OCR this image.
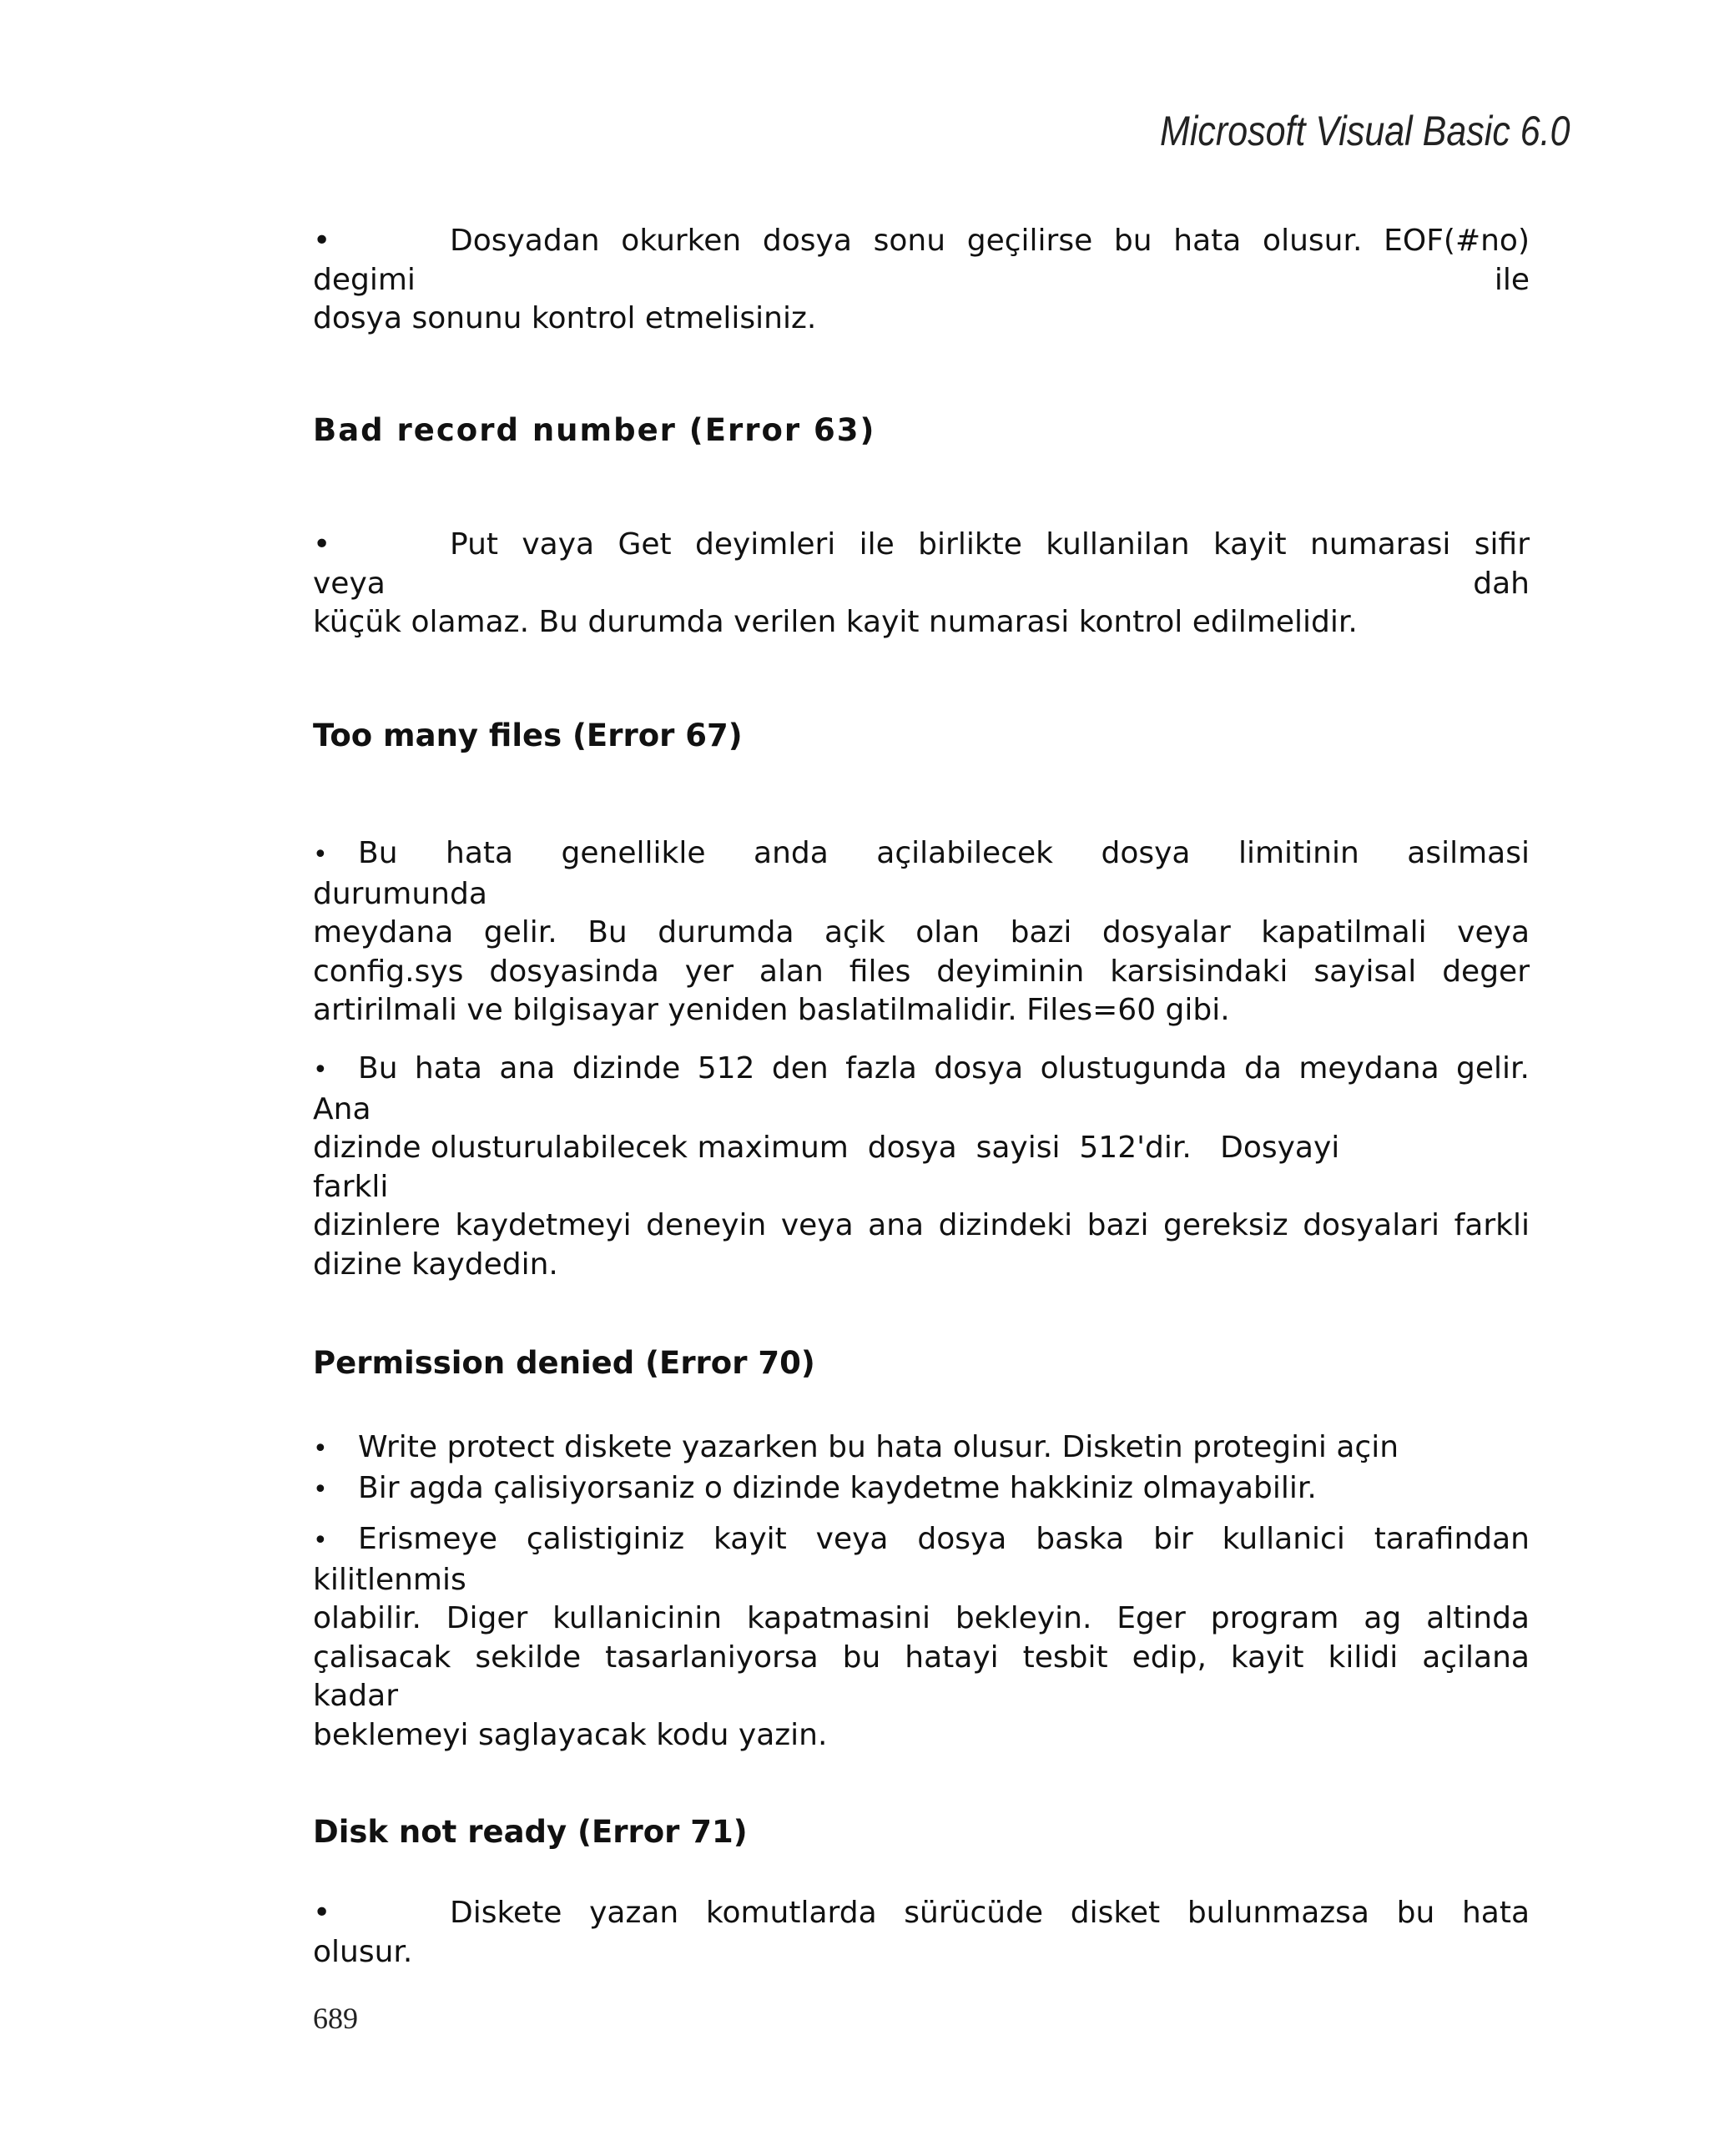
Microsoft Visual Basic 6.0
•	Dosyadan okurken dosya sonu geçilirse bu hata olusur. EOF(#no)
degimi	ile
dosya sonunu kontrol etmelisiniz.
Bad record number (Error 63)
•	Put vaya Get deyimleri ile birlikte kullanilan kayit numarasi sifir
veya	dah
küçük olamaz. Bu durumda verilen kayit numarasi kontrol edilmelidir.
Too many files (Error 67)
• Bu hata genellikle anda açilabilecek dosya limitinin asilmasi
durumunda
meydana gelir. Bu durumda açik olan bazi dosyalar kapatilmali veya
config.sys dosyasinda yer alan files deyiminin karsisindaki sayisal deger
artirilmali ve bilgisayar yeniden baslatilmalidir. Files=60 gibi.
• Bu hata ana dizinde 512 den fazla dosya olustugunda da meydana gelir.
Ana
dizinde olusturulabilecek maximum  dosya  sayisi  512'dir.   Dosyayi
farkli
dizinlere kaydetmeyi deneyin veya ana dizindeki bazi gereksiz dosyalari farkli
dizine kaydedin.
Permission denied (Error 70)
• Write protect diskete yazarken bu hata olusur. Disketin protegini açin
• Bir agda çalisiyorsaniz o dizinde kaydetme hakkiniz olmayabilir.
• Erismeye çalistiginiz kayit veya dosya baska bir kullanici tarafindan
kilitlenmis
olabilir. Diger kullanicinin kapatmasini bekleyin. Eger program ag altinda
çalisacak sekilde tasarlaniyorsa bu hatayi tesbit edip, kayit kilidi açilana
kadar
beklemeyi saglayacak kodu yazin.
Disk not ready (Error 71)
•	Diskete yazan komutlarda sürücüde disket bulunmazsa bu hata
olusur.
689
